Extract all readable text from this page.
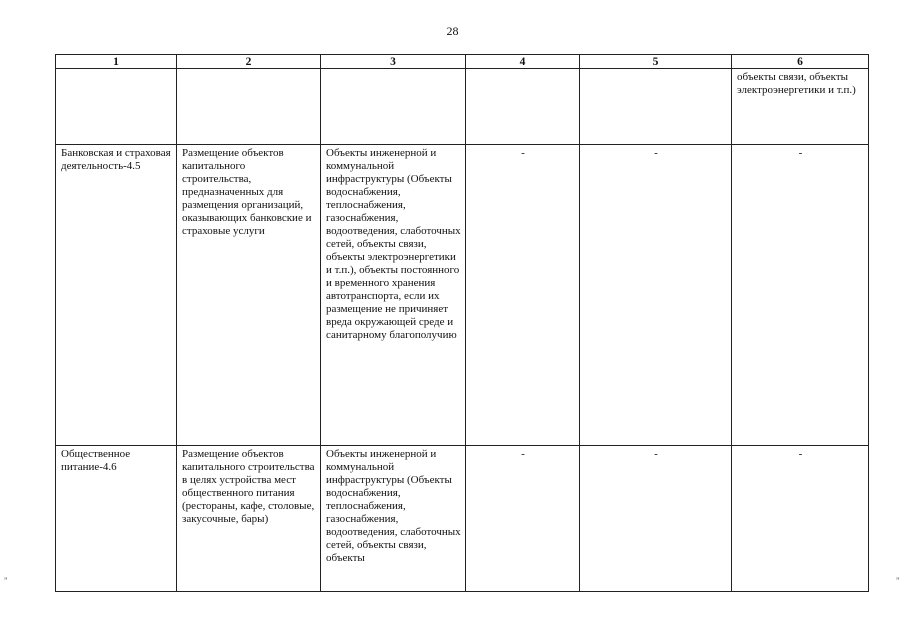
28
1	2	3	4	5	6
					объекты связи, объекты электроэнергетики и т.п.)
Банковская и страховая деятельность-4.5	Размещение объектов капитального строительства, предназначенных для размещения организаций, оказывающих банковские и страховые услуги	Объекты инженерной и коммунальной инфраструктуры (Объекты водоснабжения, теплоснабжения, газоснабжения, водоотведения, слаботочных сетей, объекты связи, объекты электроэнергетики и т.п.), объекты постоянного и временного хранения автотранспорта, если их размещение не причиняет вреда окружающей среде и санитарному благополучию	-	-	-
Общественное питание-4.6	Размещение объектов капитального строительства в целях устройства мест общественного питания (рестораны, кафе, столовые, закусочные, бары)	Объекты инженерной и коммунальной инфраструктуры (Объекты водоснабжения, теплоснабжения, газоснабжения, водоотведения, слаботочных сетей, объекты связи, объекты	-	-	-
"	"
